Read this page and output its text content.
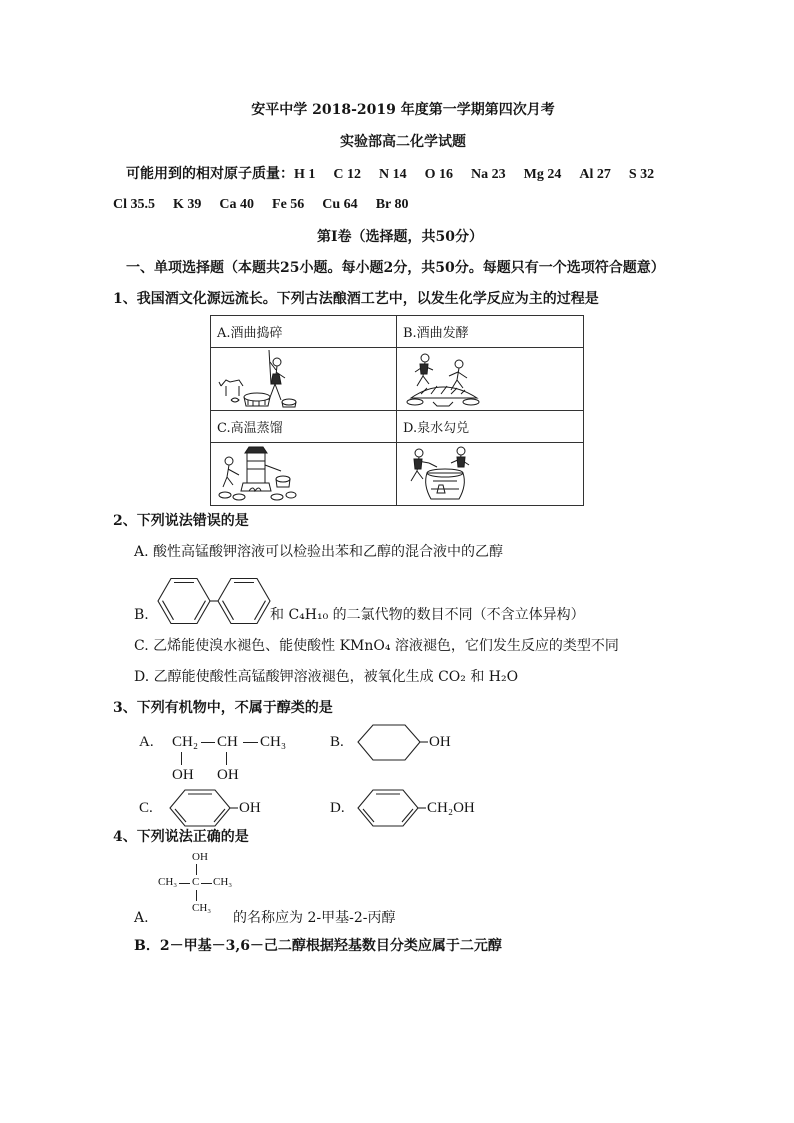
安平中学 2018-2019 年度第一学期第四次月考
实验部高二化学试题
可能用到的相对原子质量： H 1 C 12 N 14 O 16 Na 23 Mg 24 Al 27 S 32
Cl 35.5 K 39 Ca 40 Fe 56 Cu 64 Br 80
第Ⅰ卷（选择题，共50分）
一、单项选择题（本题共25小题。每小题2分，共50分。每题只有一个选项符合题意）
1、我国酒文化源远流长。下列古法酿酒工艺中，以发生化学反应为主的过程是
A.酒曲捣碎	B.酒曲发酵

C.高温蒸馏	D.泉水勾兑

2、下列说法错误的是
A. 酸性高锰酸钾溶液可以检验出苯和乙醇的混合液中的乙醇
B.	和 C₄H₁₀ 的二氯代物的数目不同（不含立体异构）
C. 乙烯能使溴水褪色、能使酸性 KMnO₄ 溶液褪色，它们发生反应的类型不同
D. 乙醇能使酸性高锰酸钾溶液褪色，被氧化生成 CO₂ 和 H₂O
3、下列有机物中，不属于醇类的是
A. CH₂ CH CH₃
OH OH
B.	OH
C.	OH	D.	CH₂OH
4、下列说法正确的是
OH
CH₃ C CH₃
CH₃
A.	的名称应为 2-甲基-2-丙醇
B．2－甲基－3,6－己二醇根据羟基数目分类应属于二元醇
